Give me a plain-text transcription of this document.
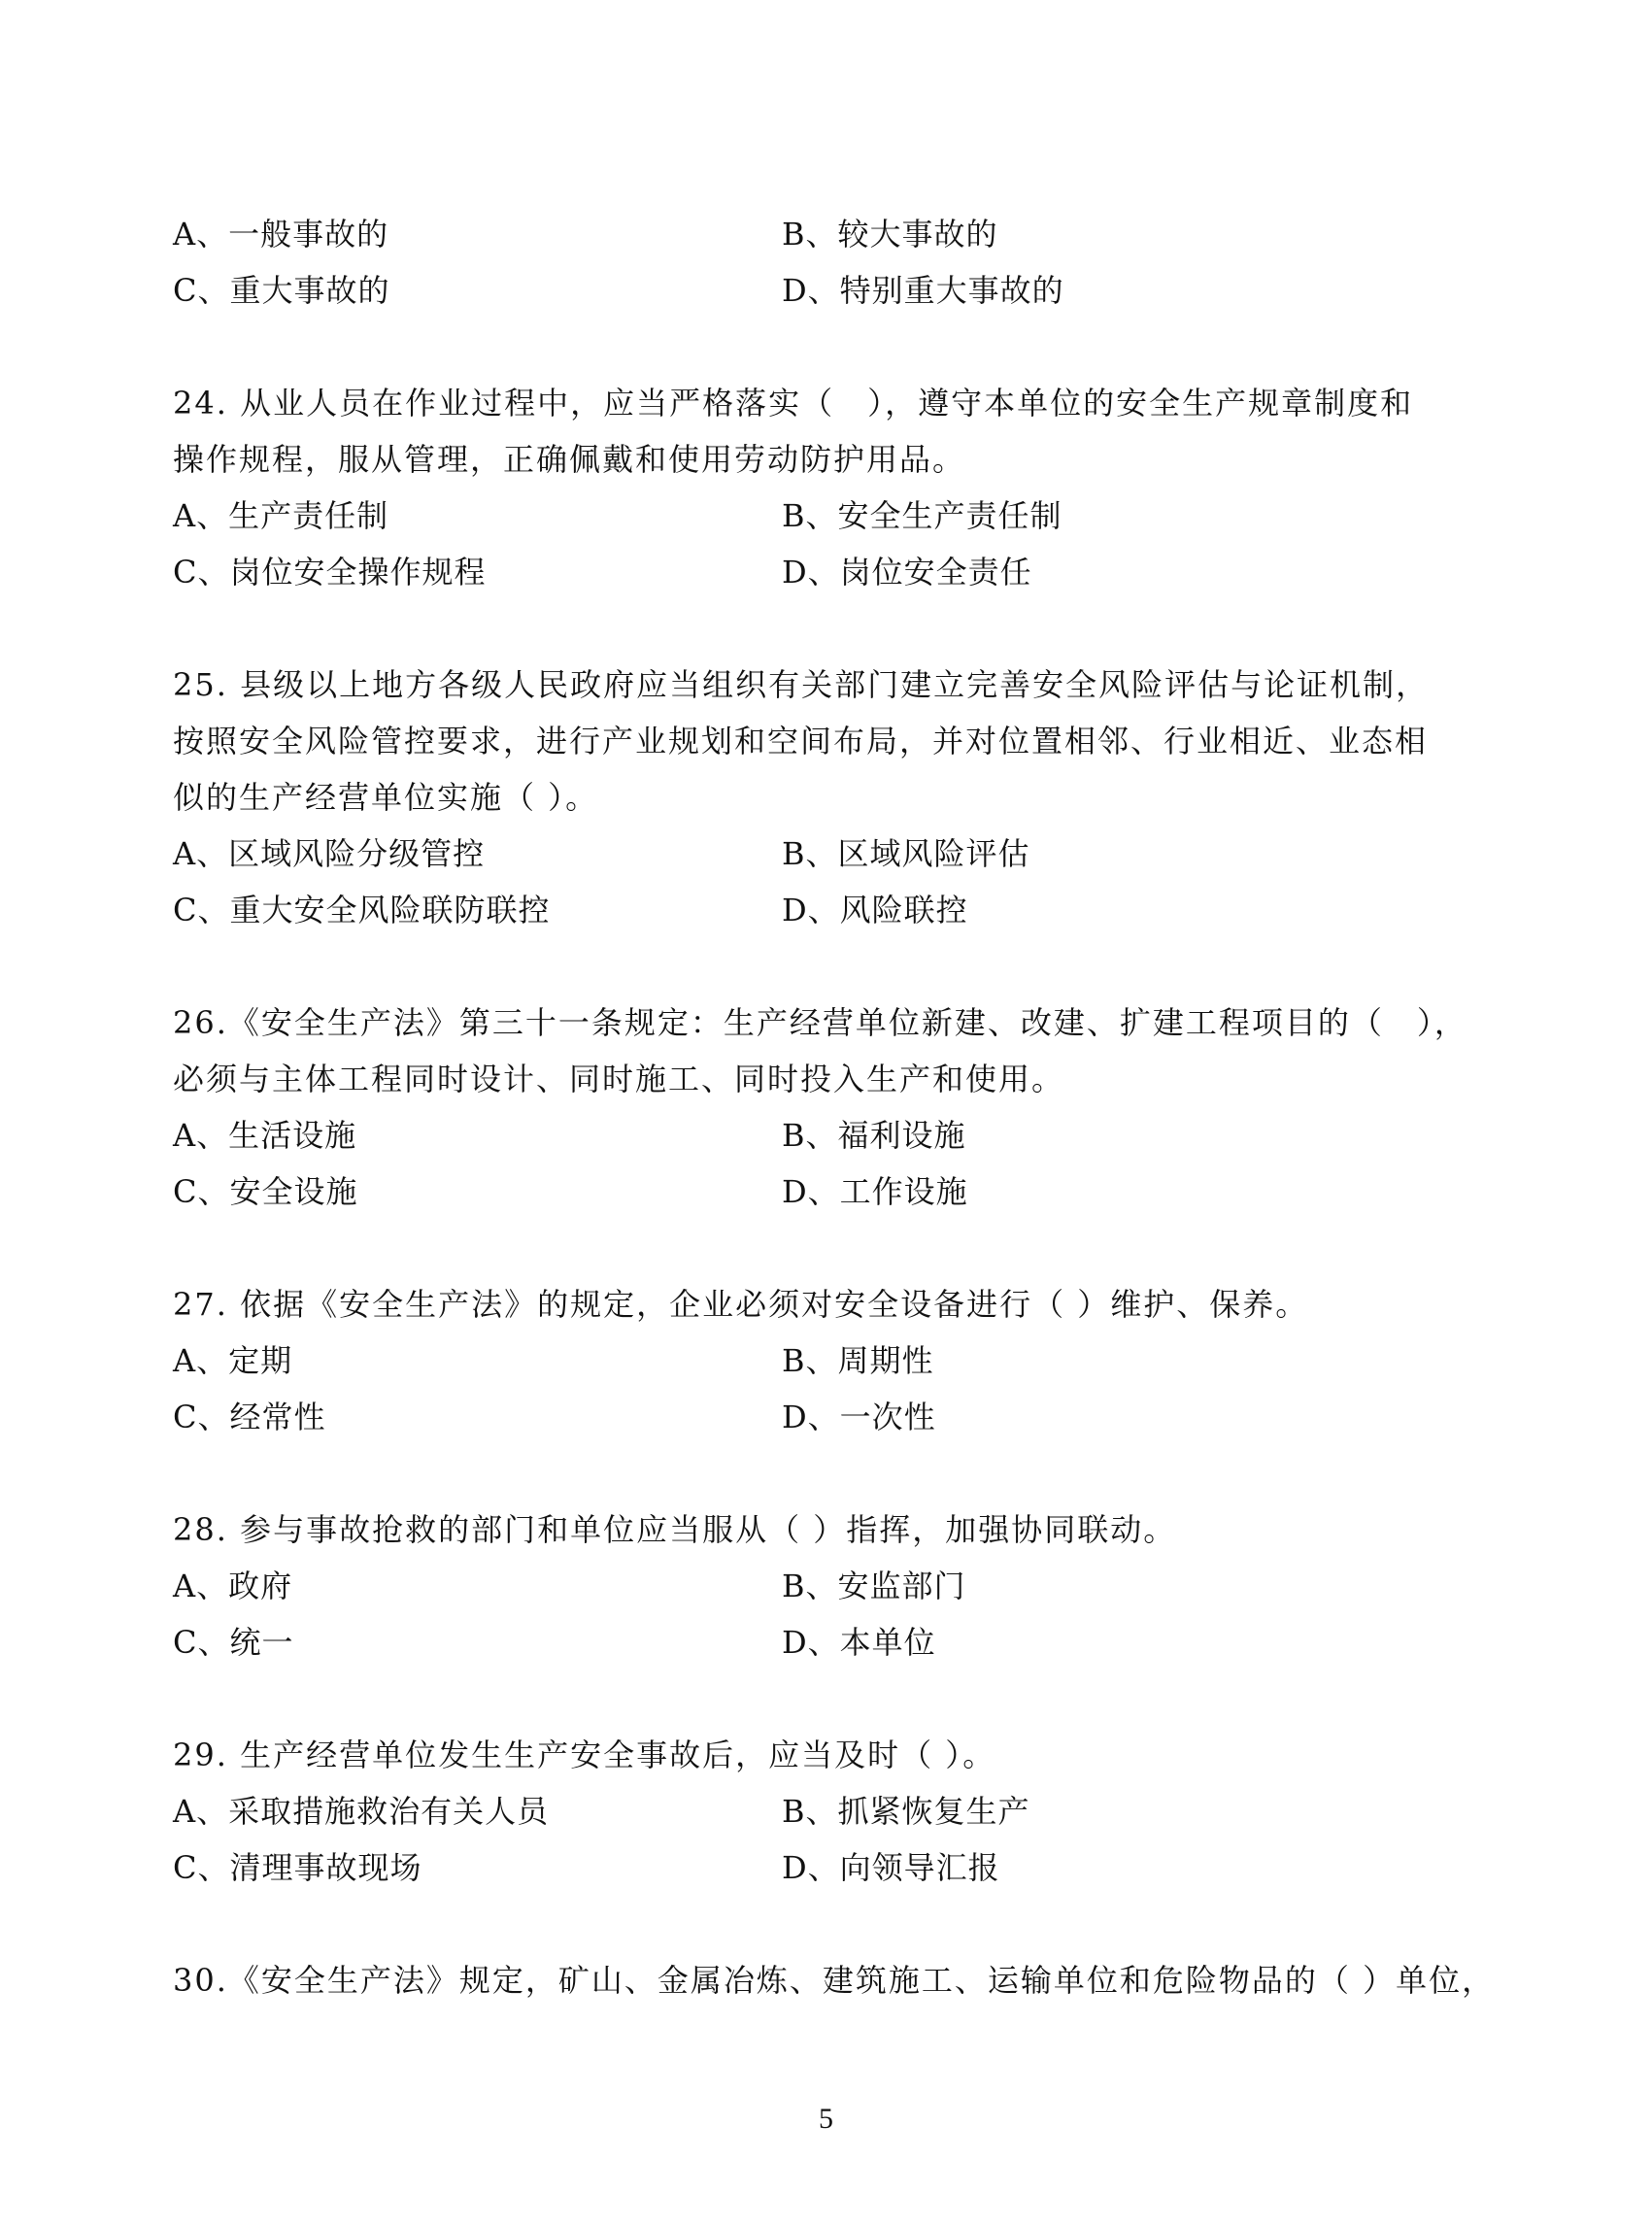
A、一般事故的	B、较大事故的
C、重大事故的	D、特别重大事故的
24. 从业人员在作业过程中，应当严格落实（　），遵守本单位的安全生产规章制度和
操作规程，服从管理，正确佩戴和使用劳动防护用品。
A、生产责任制	B、安全生产责任制
C、岗位安全操作规程	D、岗位安全责任
25. 县级以上地方各级人民政府应当组织有关部门建立完善安全风险评估与论证机制，
按照安全风险管控要求，进行产业规划和空间布局，并对位置相邻、行业相近、业态相
似的生产经营单位实施（ ）。
A、区域风险分级管控	B、区域风险评估
C、重大安全风险联防联控	D、风险联控
26.《安全生产法》第三十一条规定：生产经营单位新建、改建、扩建工程项目的（　），
必须与主体工程同时设计、同时施工、同时投入生产和使用。
A、生活设施	B、福利设施
C、安全设施	D、工作设施
27. 依据《安全生产法》的规定，企业必须对安全设备进行（ ）维护、保养。
A、定期	B、周期性
C、经常性	D、一次性
28. 参与事故抢救的部门和单位应当服从（ ）指挥，加强协同联动。
A、政府	B、安监部门
C、统一	D、本单位
29. 生产经营单位发生生产安全事故后，应当及时（ ）。
A、采取措施救治有关人员	B、抓紧恢复生产
C、清理事故现场	D、向领导汇报
30.《安全生产法》规定，矿山、金属冶炼、建筑施工、运输单位和危险物品的（ ）单位，
5
